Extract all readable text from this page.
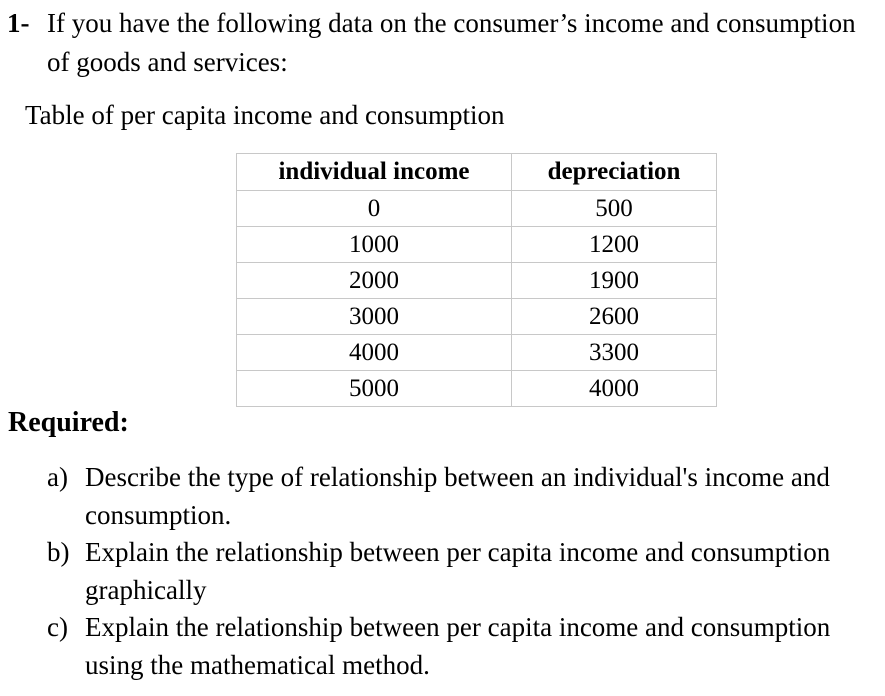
1- If you have the following data on the consumer’s income and consumption of goods and services:
Table of per capita income and consumption
individual income	depreciation
0	500
1000	1200
2000	1900
3000	2600
4000	3300
5000	4000
Required:
a) Describe the type of relationship between an individual's income and consumption.
b) Explain the relationship between per capita income and consumption graphically
c) Explain the relationship between per capita income and consumption using the mathematical method.
